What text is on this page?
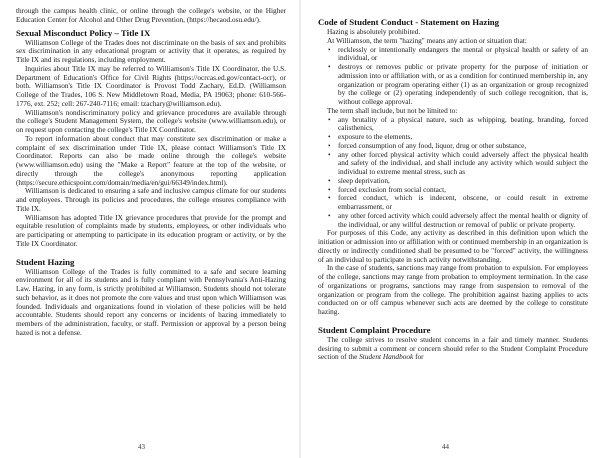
through the campus health clinic, or online through the college's website, or the Higher Education Center for Alcohol and Other Drug Prevention, (https://hecaod.osu.edu/).

Sexual Misconduct Policy – Title IX

Williamson College of the Trades does not discriminate on the basis of sex and prohibits sex discrimination in any educational program or activity that it operates, as required by Title IX and its regulations, including employment.

Inquiries about Title IX may be referred to Williamson's Title IX Coordinator, the U.S. Department of Education's Office for Civil Rights (https://ocrcas.ed.gov/contact-ocr), or both. Williamson's Title IX Coordinator is Provost Todd Zachary, Ed.D. (Williamson College of the Trades, 106 S. New Middletown Road, Media, PA 19063; phone: 610-566-1776, ext. 252; cell: 267-240-7116; email: tzachary@williamson.edu).

Williamson's nondiscriminatory policy and grievance procedures are available through the college's Student Management System, the college's website (www.williamson.edu), or on request upon contacting the college's Title IX Coordinator.

To report information about conduct that may constitute sex discrimination or make a complaint of sex discrimination under Title IX, please contact Williamson's Title IX Coordinator. Reports can also be made online through the college's website (www.williamson.edu) using the "Make a Report" feature at the top of the website, or directly through the college's anonymous reporting application (https://secure.ethicspoint.com/domain/media/en/gui/66349/index.html).

Williamson is dedicated to ensuring a safe and inclusive campus climate for our students and employees. Through its policies and procedures, the college ensures compliance with Title IX.

Williamson has adopted Title IX grievance procedures that provide for the prompt and equitable resolution of complaints made by students, employees, or other individuals who are participating or attempting to participate in its education program or activity, or by the Title IX Coordinator.

Student Hazing

Williamson College of the Trades is fully committed to a safe and secure learning environment for all of its students and is fully compliant with Pennsylvania's Anti-Hazing Law. Hazing, in any form, is strictly prohibited at Williamson. Students should not tolerate such behavior, as it does not promote the core values and trust upon which Williamson was founded. Individuals and organizations found in violation of these policies will be held accountable. Students should report any concerns or incidents of hazing immediately to members of the administration, faculty, or staff. Permission or approval by a person being hazed is not a defense.

43
Code of Student Conduct - Statement on Hazing

Hazing is absolutely prohibited.

At Williamson, the term "hazing" means any action or situation that:

• recklessly or intentionally endangers the mental or physical health or safety of an individual, or
• destroys or removes public or private property for the purpose of initiation or admission into or affiliation with, or as a condition for continued membership in, any organization or program operating either (1) as an organization or group recognized by the college or (2) operating independently of such college recognition, that is, without college approval.

The term shall include, but not be limited to:

• any brutality of a physical nature, such as whipping, beating, branding, forced calisthenics,
• exposure to the elements,
• forced consumption of any food, liquor, drug or other substance,
• any other forced physical activity which could adversely affect the physical health and safety of the individual, and shall include any activity which would subject the individual to extreme mental stress, such as
• sleep deprivation,
• forced exclusion from social contact,
• forced conduct, which is indecent, obscene, or could result in extreme embarrassment, or
• any other forced activity which could adversely affect the mental health or dignity of the individual, or any willful destruction or removal of public or private property.

For purposes of this Code, any activity as described in this definition upon which the initiation or admission into or affiliation with or continued membership in an organization is directly or indirectly conditioned shall be presumed to be "forced" activity, the willingness of an individual to participate in such activity notwithstanding.

In the case of students, sanctions may range from probation to expulsion. For employees of the college, sanctions may range from probation to employment termination. In the case of organizations or programs, sanctions may range from suspension to removal of the organization or program from the college. The prohibition against hazing applies to acts conducted on or off campus whenever such acts are deemed by the college to constitute hazing.

Student Complaint Procedure

The college strives to resolve student concerns in a fair and timely manner. Students desiring to submit a comment or concern should refer to the Student Complaint Procedure section of the Student Handbook for

44
